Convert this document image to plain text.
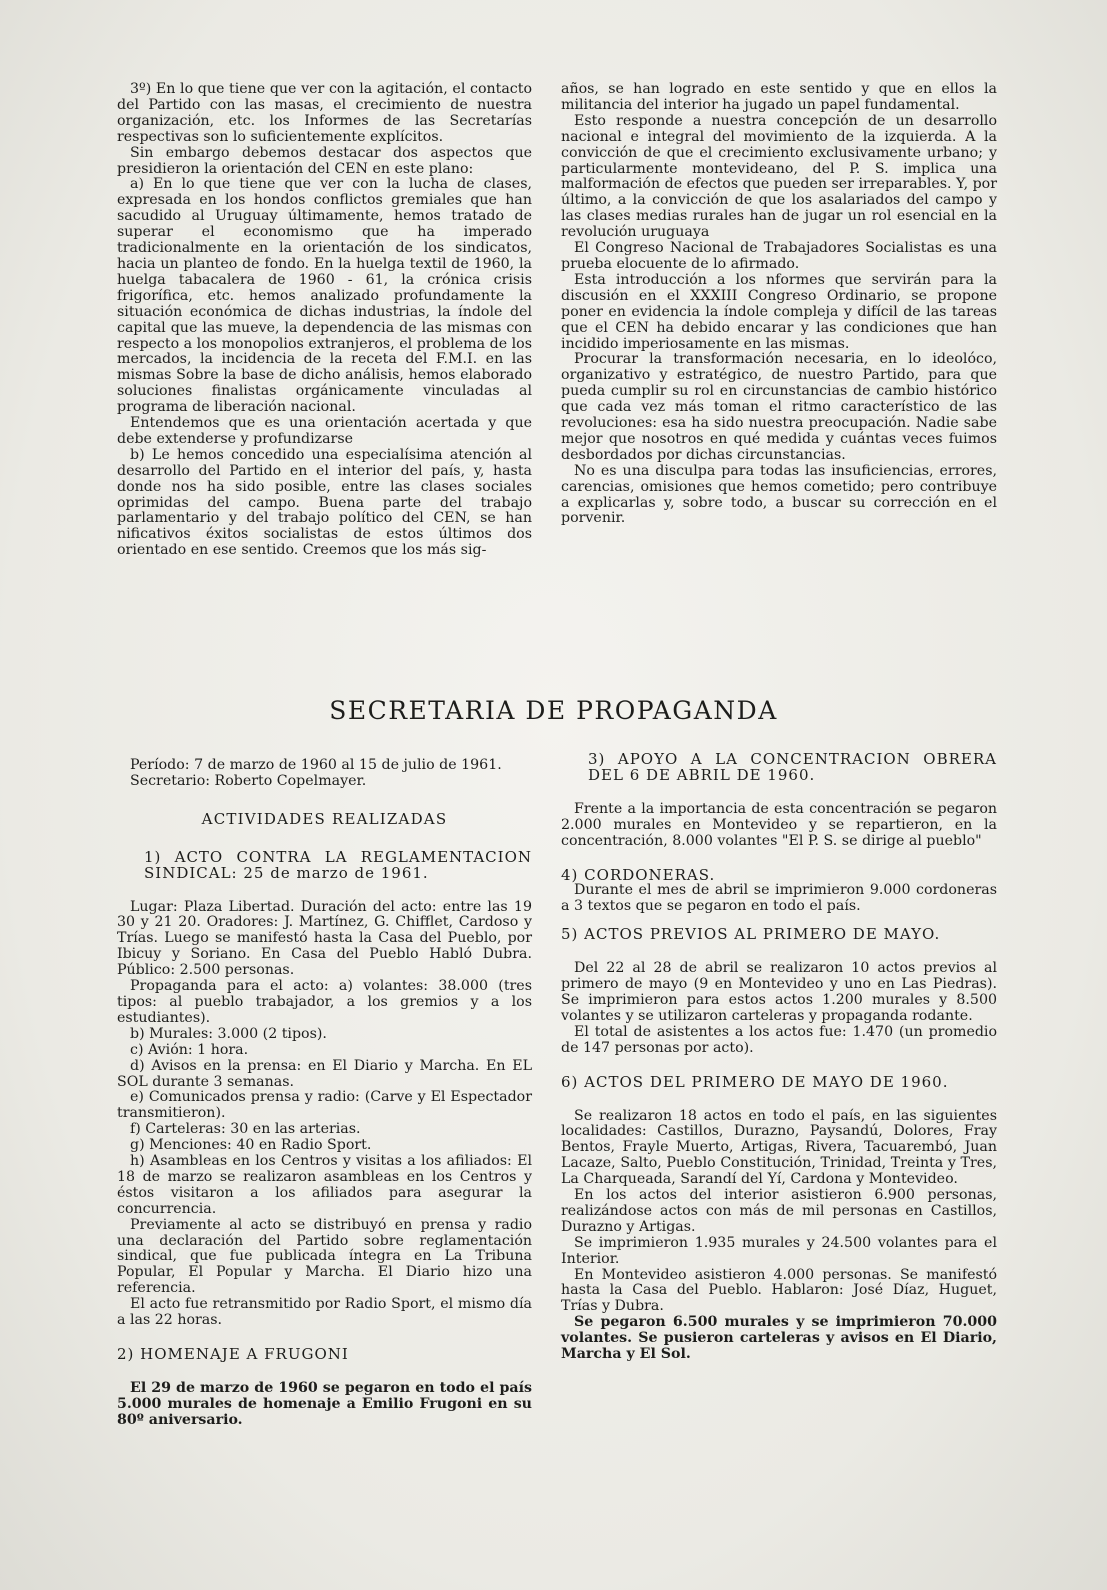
3º) En lo que tiene que ver con la agitación, el contacto del Partido con las masas, el crecimiento de nuestra organización, etc. los Informes de las Secretarías respectivas son lo suficientemente explícitos.

Sin embargo debemos destacar dos aspectos que presidieron la orientación del CEN en este plano:

a) En lo que tiene que ver con la lucha de clases, expresada en los hondos conflictos gremiales que han sacudido al Uruguay últimamente, hemos tratado de superar el economismo que ha imperado tradicionalmente en la orientación de los sindicatos, hacia un planteo de fondo. En la huelga textil de 1960, la huelga tabacalera de 1960 - 61, la crónica crisis frigorífica, etc. hemos analizado profundamente la situación económica de dichas industrias, la índole del capital que las mueve, la dependencia de las mismas con respecto a los monopolios extranjeros, el problema de los mercados, la incidencia de la receta del F.M.I. en las mismas Sobre la base de dicho análisis, hemos elaborado soluciones finalistas orgánicamente vinculadas al programa de liberación nacional.

Entendemos que es una orientación acertada y que debe extenderse y profundizarse

b) Le hemos concedido una especialísima atención al desarrollo del Partido en el interior del país, y, hasta donde nos ha sido posible, entre las clases sociales oprimidas del campo. Buena parte del trabajo parlamentario y del trabajo político del CEN, se han nificativos éxitos socialistas de estos últimos dos orientado en ese sentido. Creemos que los más sig-

años, se han logrado en este sentido y que en ellos la militancia del interior ha jugado un papel fundamental.

Esto responde a nuestra concepción de un desarrollo nacional e integral del movimiento de la izquierda. A la convicción de que el crecimiento exclusivamente urbano; y particularmente montevideano, del P. S. implica una malformación de efectos que pueden ser irreparables. Y, por último, a la convicción de que los asalariados del campo y las clases medias rurales han de jugar un rol esencial en la revolución uruguaya

El Congreso Nacional de Trabajadores Socialistas es una prueba elocuente de lo afirmado.

Esta introducción a los nformes que servirán para la discusión en el XXXIII Congreso Ordinario, se propone poner en evidencia la índole compleja y difícil de las tareas que el CEN ha debido encarar y las condiciones que han incidido imperiosamente en las mismas.

Procurar la transformación necesaria, en lo ideolóco, organizativo y estratégico, de nuestro Partido, para que pueda cumplir su rol en circunstancias de cambio histórico que cada vez más toman el ritmo característico de las revoluciones: esa ha sido nuestra preocupación. Nadie sabe mejor que nosotros en qué medida y cuántas veces fuimos desbordados por dichas circunstancias.

No es una disculpa para todas las insuficiencias, errores, carencias, omisiones que hemos cometido; pero contribuye a explicarlas y, sobre todo, a buscar su corrección en el porvenir.

SECRETARIA DE PROPAGANDA

Período: 7 de marzo de 1960 al 15 de julio de 1961.

Secretario: Roberto Copelmayer.

ACTIVIDADES REALIZADAS

1) ACTO CONTRA LA REGLAMENTACION SINDICAL: 25 de marzo de 1961.

Lugar: Plaza Libertad. Duración del acto: entre las 19 30 y 21 20. Oradores: J. Martínez, G. Chifflet, Cardoso y Trías. Luego se manifestó hasta la Casa del Pueblo, por Ibicuy y Soriano. En Casa del Pueblo Habló Dubra. Público: 2.500 personas.

Propaganda para el acto: a) volantes: 38.000 (tres tipos: al pueblo trabajador, a los gremios y a los estudiantes).

b) Murales: 3.000 (2 tipos).

c) Avión: 1 hora.

d) Avisos en la prensa: en El Diario y Marcha. En EL SOL durante 3 semanas.

e) Comunicados prensa y radio: (Carve y El Espectador transmitieron).

f) Carteleras: 30 en las arterias.

g) Menciones: 40 en Radio Sport.

h) Asambleas en los Centros y visitas a los afiliados: El 18 de marzo se realizaron asambleas en los Centros y éstos visitaron a los afiliados para asegurar la concurrencia.

Previamente al acto se distribuyó en prensa y radio una declaración del Partido sobre reglamentación sindical, que fue publicada íntegra en La Tribuna Popular, El Popular y Marcha. El Diario hizo una referencia.

El acto fue retransmitido por Radio Sport, el mismo día a las 22 horas.

2) HOMENAJE A FRUGONI

El 29 de marzo de 1960 se pegaron en todo el país 5.000 murales de homenaje a Emilio Frugoni en su 80º aniversario.

3) APOYO A LA CONCENTRACION OBRERA DEL 6 DE ABRIL DE 1960.

Frente a la importancia de esta concentración se pegaron 2.000 murales en Montevideo y se repartieron, en la concentración, 8.000 volantes "El P. S. se dirige al pueblo"

4) CORDONERAS.

Durante el mes de abril se imprimieron 9.000 cordoneras a 3 textos que se pegaron en todo el país.

5) ACTOS PREVIOS AL PRIMERO DE MAYO.

Del 22 al 28 de abril se realizaron 10 actos previos al primero de mayo (9 en Montevideo y uno en Las Piedras). Se imprimieron para estos actos 1.200 murales y 8.500 volantes y se utilizaron carteleras y propaganda rodante.

El total de asistentes a los actos fue: 1.470 (un promedio de 147 personas por acto).

6) ACTOS DEL PRIMERO DE MAYO DE 1960.

Se realizaron 18 actos en todo el país, en las siguientes localidades: Castillos, Durazno, Paysandú, Dolores, Fray Bentos, Frayle Muerto, Artigas, Rivera, Tacuarembó, Juan Lacaze, Salto, Pueblo Constitución, Trinidad, Treinta y Tres, La Charqueada, Sarandí del Yí, Cardona y Montevideo.

En los actos del interior asistieron 6.900 personas, realizándose actos con más de mil personas en Castillos, Durazno y Artigas.

Se imprimieron 1.935 murales y 24.500 volantes para el Interior.

En Montevideo asistieron 4.000 personas. Se manifestó hasta la Casa del Pueblo. Hablaron: José Díaz, Huguet, Trías y Dubra.

Se pegaron 6.500 murales y se imprimieron 70.000 volantes. Se pusieron carteleras y avisos en El Diario, Marcha y El Sol.
